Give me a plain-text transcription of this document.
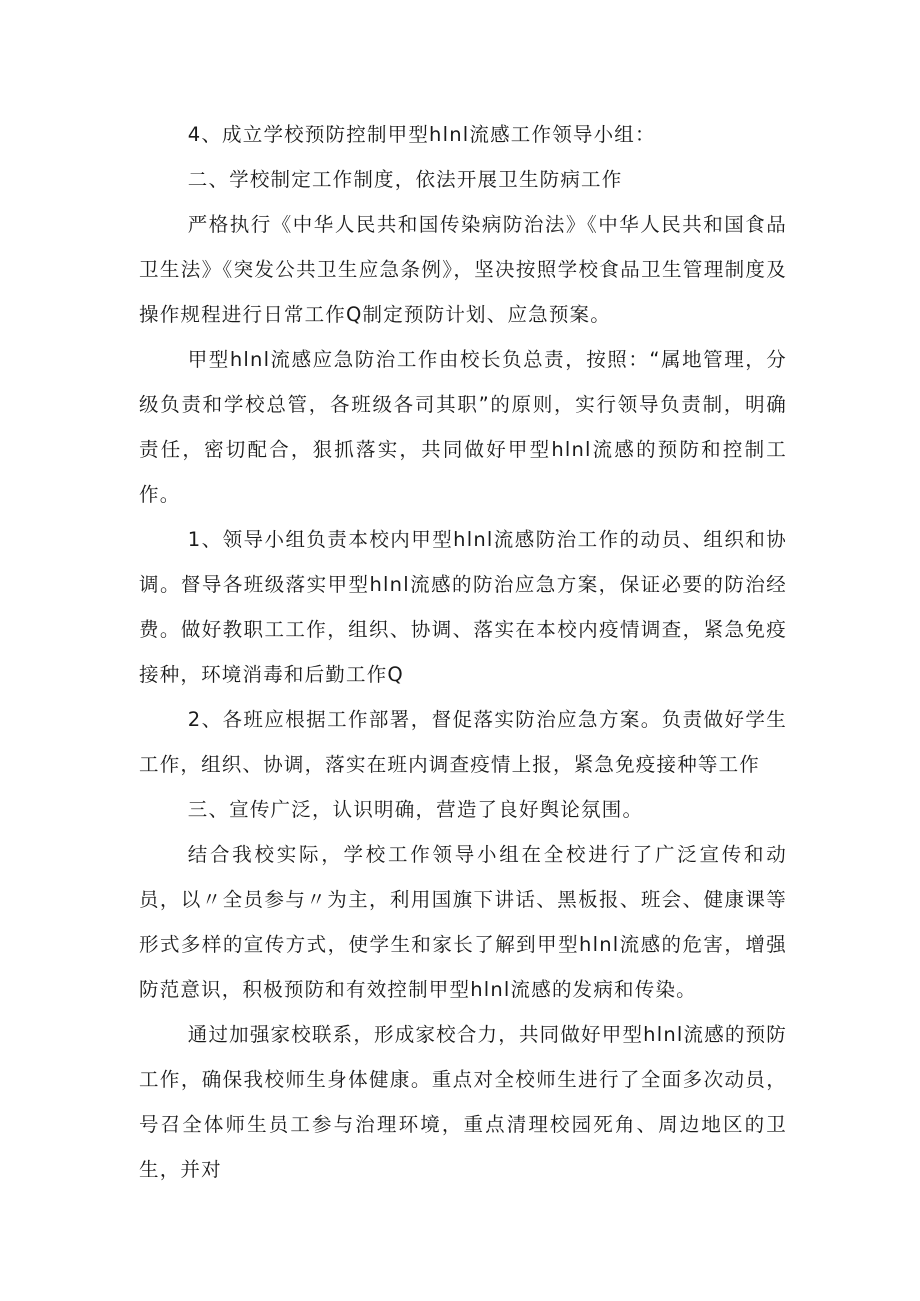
4、成立学校预防控制甲型hlnl流感工作领导小组：

二、学校制定工作制度，依法开展卫生防病工作

严格执行《中华人民共和国传染病防治法》《中华人民共和国食品卫生法》《突发公共卫生应急条例》，坚决按照学校食品卫生管理制度及操作规程进行日常工作Q制定预防计划、应急预案。

甲型hlnl流感应急防治工作由校长负总责，按照：“属地管理，分级负责和学校总管，各班级各司其职”的原则，实行领导负责制，明确责任，密切配合，狠抓落实，共同做好甲型hlnl流感的预防和控制工作。

1、领导小组负责本校内甲型hlnl流感防治工作的动员、组织和协调。督导各班级落实甲型hlnl流感的防治应急方案，保证必要的防治经费。做好教职工工作，组织、协调、落实在本校内疫情调查，紧急免疫接种，环境消毒和后勤工作Q

2、各班应根据工作部署，督促落实防治应急方案。负责做好学生工作，组织、协调，落实在班内调查疫情上报，紧急免疫接种等工作

三、宣传广泛，认识明确，营造了良好舆论氛围。

结合我校实际，学校工作领导小组在全校进行了广泛宣传和动员，以〃全员参与〃为主，利用国旗下讲话、黑板报、班会、健康课等形式多样的宣传方式，使学生和家长了解到甲型hlnl流感的危害，增强防范意识，积极预防和有效控制甲型hlnl流感的发病和传染。

通过加强家校联系，形成家校合力，共同做好甲型hlnl流感的预防工作，确保我校师生身体健康。重点对全校师生进行了全面多次动员，号召全体师生员工参与治理环境，重点清理校园死角、周边地区的卫生，并对
